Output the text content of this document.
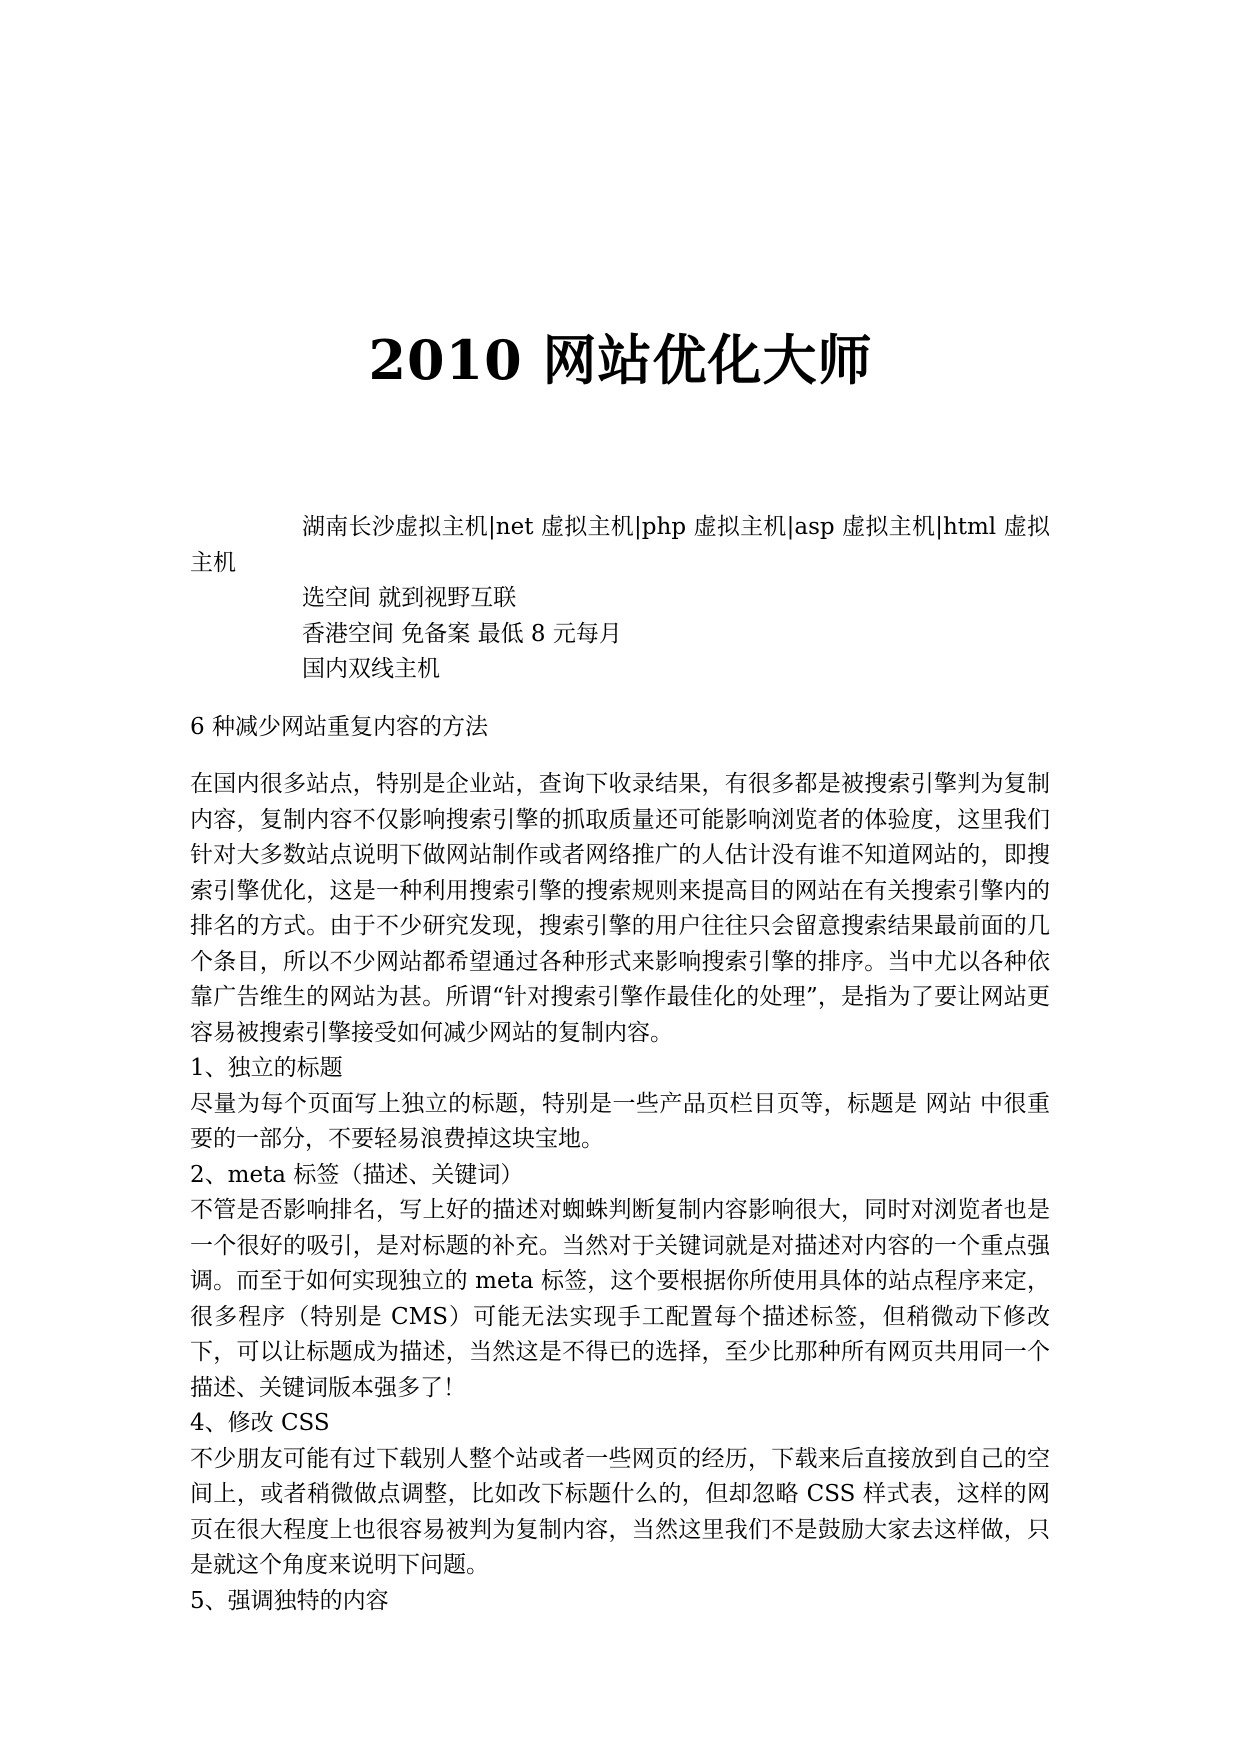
2010 网站优化大师

湖南长沙虚拟主机|net 虚拟主机|php 虚拟主机|asp 虚拟主机|html 虚拟主机

选空间 就到视野互联

香港空间 免备案 最低 8 元每月

国内双线主机

6 种减少网站重复内容的方法

在国内很多站点，特别是企业站，查询下收录结果，有很多都是被搜索引擎判为复制内容，复制内容不仅影响搜索引擎的抓取质量还可能影响浏览者的体验度，这里我们针对大多数站点说明下做网站制作或者网络推广的人估计没有谁不知道网站的，即搜索引擎优化，这是一种利用搜索引擎的搜索规则来提高目的网站在有关搜索引擎内的排名的方式。由于不少研究发现，搜索引擎的用户往往只会留意搜索结果最前面的几个条目，所以不少网站都希望通过各种形式来影响搜索引擎的排序。当中尤以各种依靠广告维生的网站为甚。所谓“针对搜索引擎作最佳化的处理”，是指为了要让网站更容易被搜索引擎接受如何减少网站的复制内容。

1、独立的标题

尽量为每个页面写上独立的标题，特别是一些产品页栏目页等，标题是 网站 中很重要的一部分，不要轻易浪费掉这块宝地。

2、meta 标签（描述、关键词）

不管是否影响排名，写上好的描述对蜘蛛判断复制内容影响很大，同时对浏览者也是一个很好的吸引，是对标题的补充。当然对于关键词就是对描述对内容的一个重点强调。而至于如何实现独立的 meta 标签，这个要根据你所使用具体的站点程序来定，很多程序（特别是 CMS）可能无法实现手工配置每个描述标签，但稍微动下修改下，可以让标题成为描述，当然这是不得已的选择，至少比那种所有网页共用同一个描述、关键词版本强多了！

4、修改 CSS

不少朋友可能有过下载别人整个站或者一些网页的经历，下载来后直接放到自己的空间上，或者稍微做点调整，比如改下标题什么的，但却忽略 CSS 样式表，这样的网页在很大程度上也很容易被判为复制内容，当然这里我们不是鼓励大家去这样做，只是就这个角度来说明下问题。

5、强调独特的内容
